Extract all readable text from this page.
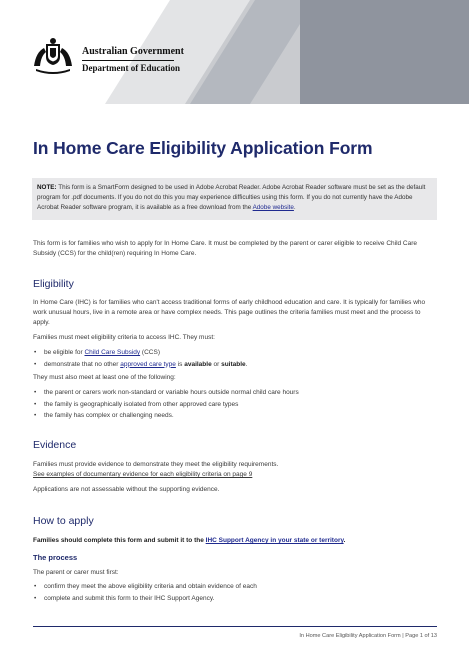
Australian Government
Department of Education
In Home Care Eligibility Application Form
NOTE: This form is a SmartForm designed to be used in Adobe Acrobat Reader. Adobe Acrobat Reader software must be set as the default program for .pdf documents. If you do not do this you may experience difficulties using this form. If you do not currently have the Adobe Acrobat Reader software program, it is available as a free download from the Adobe website.
This form is for families who wish to apply for In Home Care. It must be completed by the parent or carer eligible to receive Child Care Subsidy (CCS) for the child(ren) requiring In Home Care.
Eligibility
In Home Care (IHC) is for families who can't access traditional forms of early childhood education and care. It is typically for families who work unusual hours, live in a remote area or have complex needs. This page outlines the criteria families must meet and the process to apply.
Families must meet eligibility criteria to access IHC. They must:
• be eligible for Child Care Subsidy (CCS)
• demonstrate that no other approved care type is available or suitable.
They must also meet at least one of the following:
• the parent or carers work non-standard or variable hours outside normal child care hours
• the family is geographically isolated from other approved care types
• the family has complex or challenging needs.
Evidence
Families must provide evidence to demonstrate they meet the eligibility requirements.
See examples of documentary evidence for each eligibility criteria on page 9
Applications are not assessable without the supporting evidence.
How to apply
Families should complete this form and submit it to the IHC Support Agency in your state or territory.
The process
The parent or carer must first:
• confirm they meet the above eligibility criteria and obtain evidence of each
• complete and submit this form to their IHC Support Agency.
In Home Care Eligibility Application Form | Page 1 of 13
